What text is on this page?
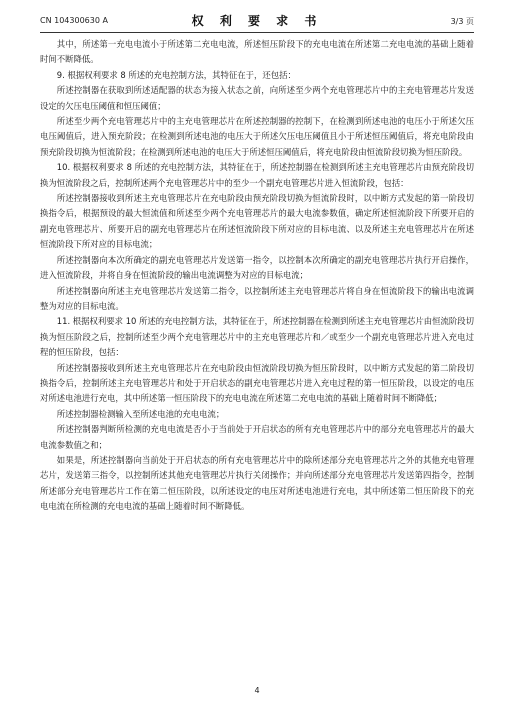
CN 104300630 A	权 利 要 求 书	3/3 页

其中，所述第一充电电流小于所述第二充电电流，所述恒压阶段下的充电电流在所述第二充电电流的基础上随着时间不断降低。

9. 根据权利要求 8 所述的充电控制方法，其特征在于，还包括：

所述控制器在获取到所述适配器的状态为接入状态之前，向所述至少两个充电管理芯片中的主充电管理芯片发送设定的欠压电压阈值和恒压阈值；

所述至少两个充电管理芯片中的主充电管理芯片在所述控制器的控制下，在检测到所述电池的电压小于所述欠压电压阈值后，进入预充阶段；在检测到所述电池的电压大于所述欠压电压阈值且小于所述恒压阈值后，将充电阶段由预充阶段切换为恒流阶段；在检测到所述电池的电压大于所述恒压阈值后，将充电阶段由恒流阶段切换为恒压阶段。

10. 根据权利要求 8 所述的充电控制方法，其特征在于，所述控制器在检测到所述主充电管理芯片由预充阶段切换为恒流阶段之后，控制所述两个充电管理芯片中的至少一个副充电管理芯片进入恒流阶段，包括：

所述控制器接收到所述主充电管理芯片在充电阶段由预充阶段切换为恒流阶段时，以中断方式发起的第一阶段切换指令后，根据预设的最大恒流值和所述至少两个充电管理芯片的最大电流参数值，确定所述恒流阶段下所要开启的副充电管理芯片、所要开启的副充电管理芯片在所述恒流阶段下所对应的目标电流、以及所述主充电管理芯片在所述恒流阶段下所对应的目标电流；

所述控制器向本次所确定的副充电管理芯片发送第一指令，以控制本次所确定的副充电管理芯片执行开启操作，进入恒流阶段，并将自身在恒流阶段的输出电流调整为对应的目标电流；

所述控制器向所述主充电管理芯片发送第二指令，以控制所述主充电管理芯片将自身在恒流阶段下的输出电流调整为对应的目标电流。

11. 根据权利要求 10 所述的充电控制方法，其特征在于，所述控制器在检测到所述主充电管理芯片由恒流阶段切换为恒压阶段之后，控制所述至少两个充电管理芯片中的主充电管理芯片和／或至少一个副充电管理芯片进入充电过程的恒压阶段，包括：

所述控制器接收到所述主充电管理芯片在充电阶段由恒流阶段切换为恒压阶段时，以中断方式发起的第二阶段切换指令后，控制所述主充电管理芯片和处于开启状态的副充电管理芯片进入充电过程的第一恒压阶段，以设定的电压对所述电池进行充电，其中所述第一恒压阶段下的充电电流在所述第二充电电流的基础上随着时间不断降低；

所述控制器检测输入至所述电池的充电电流；

所述控制器判断所检测的充电电流是否小于当前处于开启状态的所有充电管理芯片中的部分充电管理芯片的最大电流参数值之和；

如果是，所述控制器向当前处于开启状态的所有充电管理芯片中的除所述部分充电管理芯片之外的其他充电管理芯片，发送第三指令，以控制所述其他充电管理芯片执行关闭操作；并向所述部分充电管理芯片发送第四指令，控制所述部分充电管理芯片工作在第二恒压阶段，以所述设定的电压对所述电池进行充电，其中所述第二恒压阶段下的充电电流在所检测的充电电流的基础上随着时间不断降低。

4
